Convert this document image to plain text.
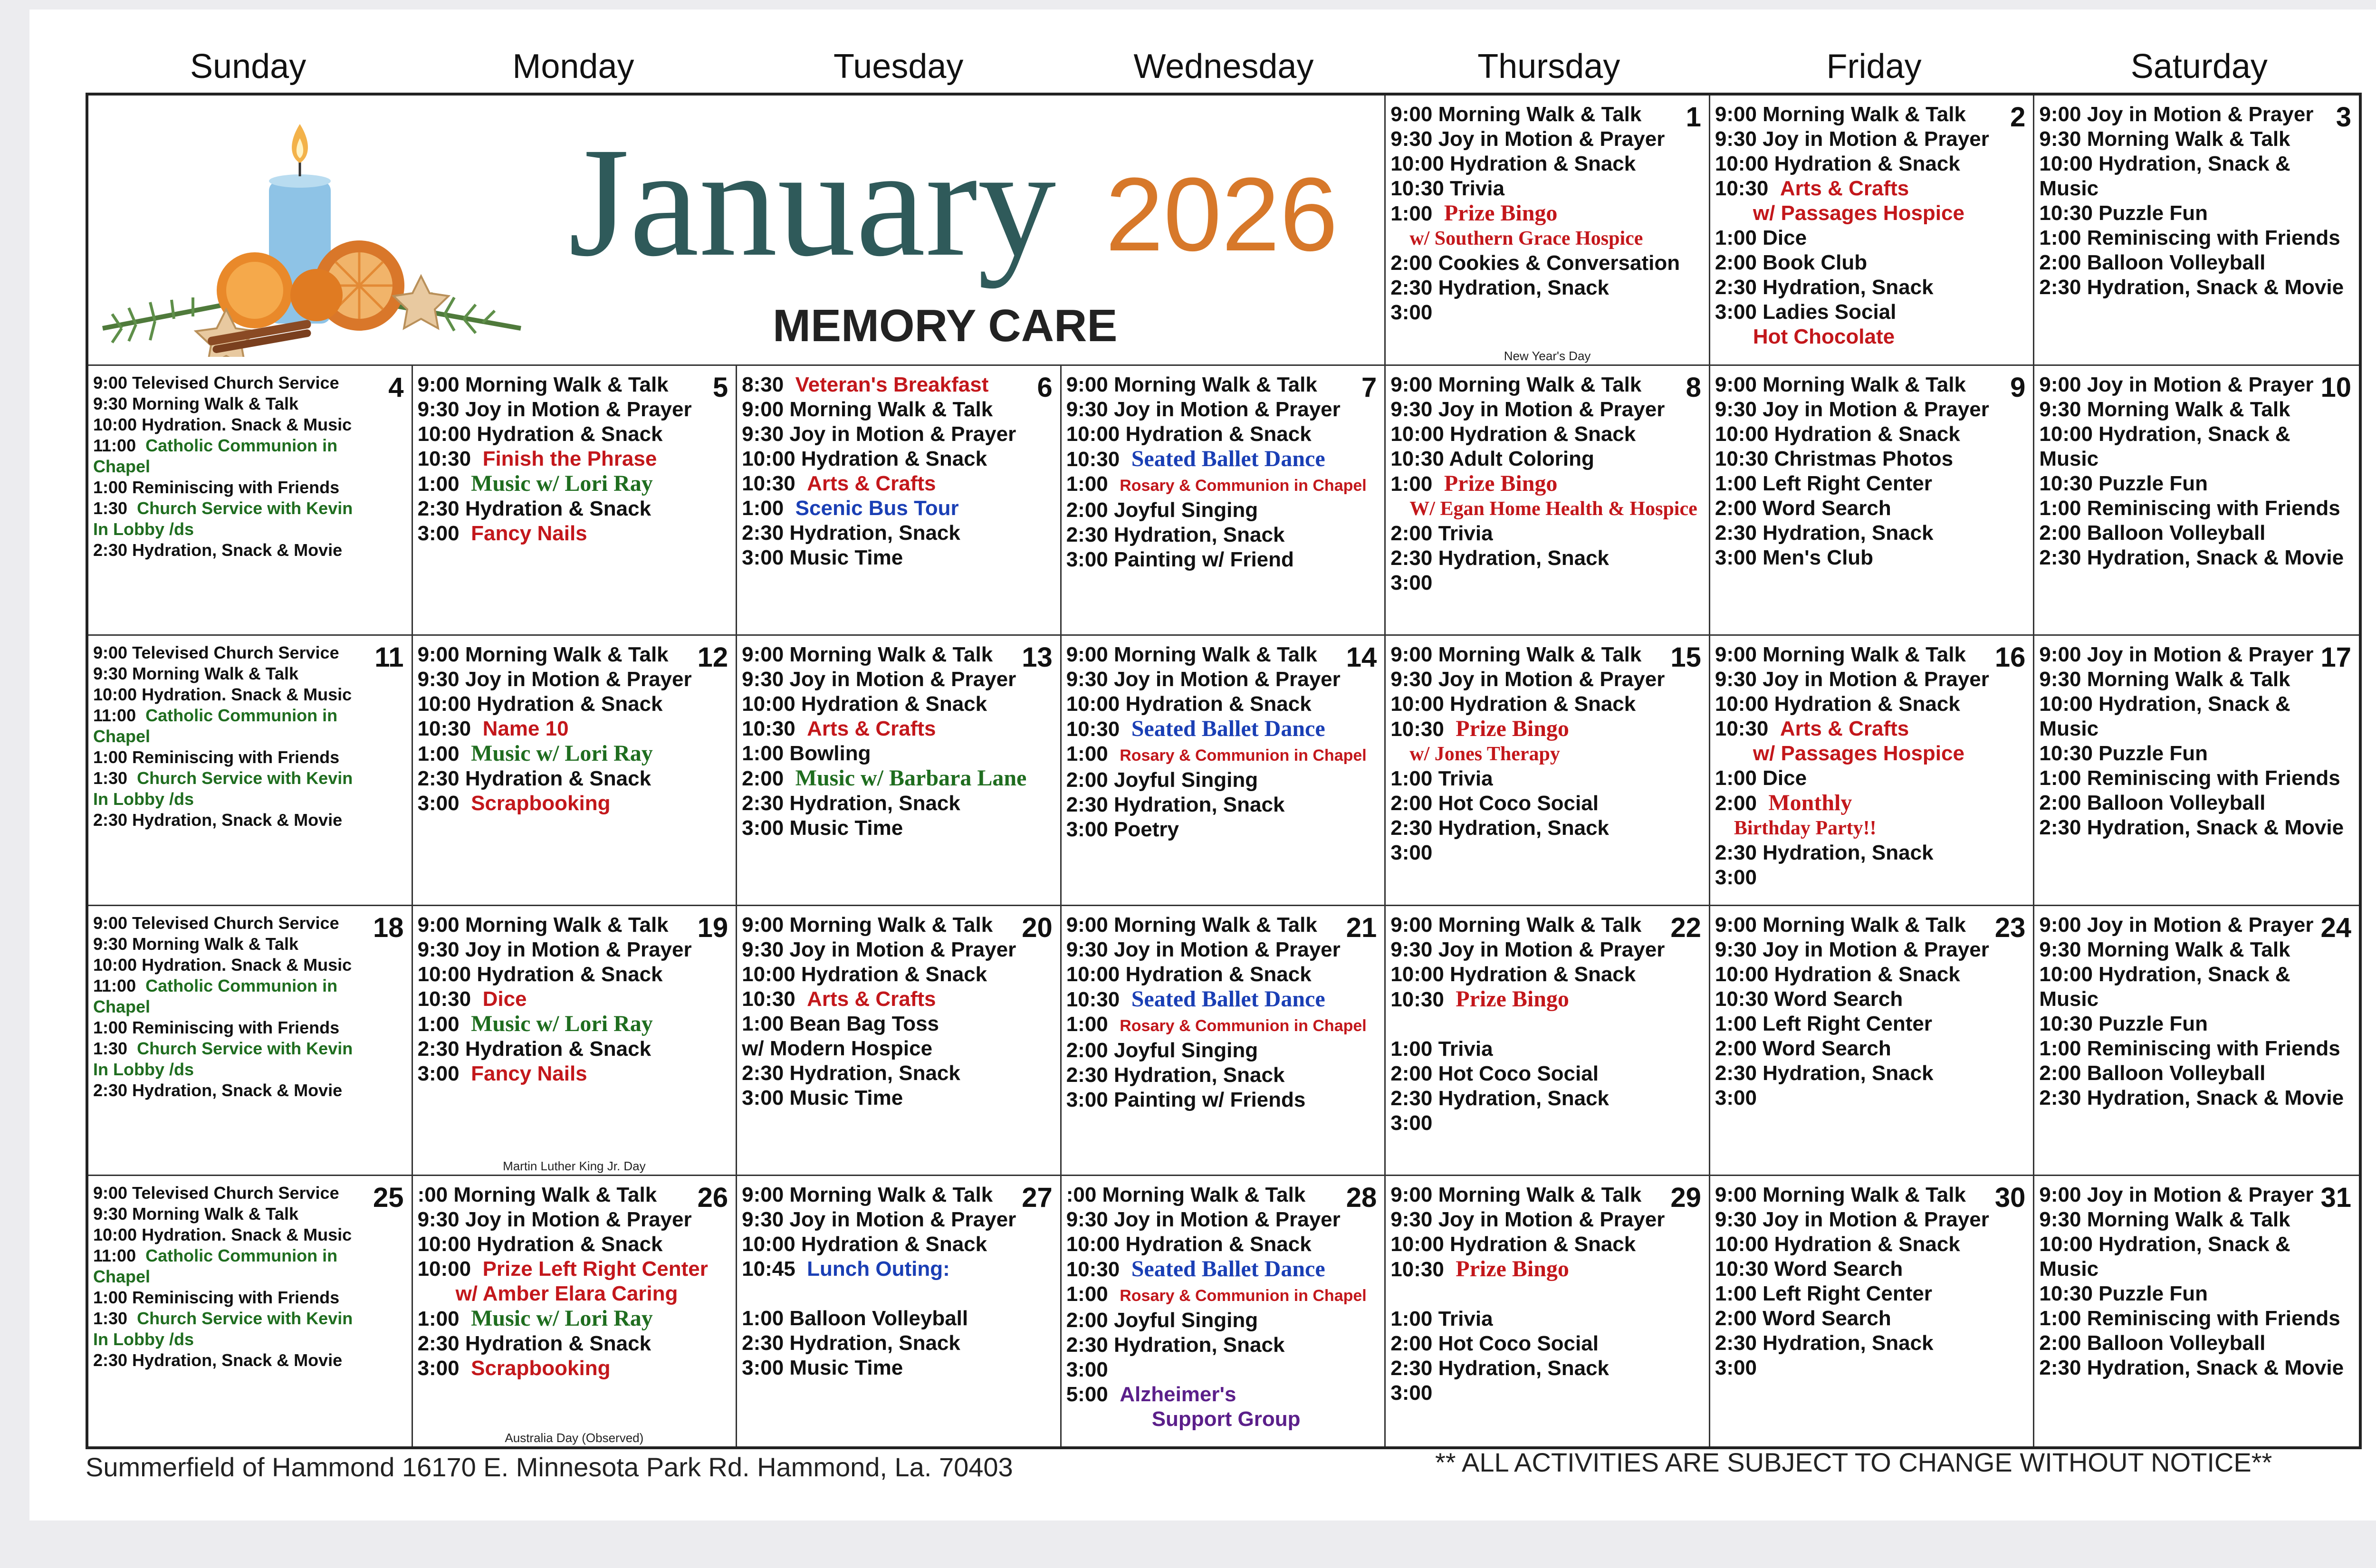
Sunday	Monday	Tuesday	Wednesday	Thursday	Friday	Saturday
January 2026
MEMORY CARE
1
9:00 Morning Walk & Talk
9:30 Joy in Motion & Prayer
10:00 Hydration & Snack
10:30 Trivia
1:00 Prize Bingo
w/ Southern Grace Hospice
2:00 Cookies & Conversation
2:30 Hydration, Snack
3:00
New Year's Day
2
9:00 Morning Walk & Talk
9:30 Joy in Motion & Prayer
10:00 Hydration & Snack
10:30 Arts & Crafts
w/ Passages Hospice
1:00 Dice
2:00 Book Club
2:30 Hydration, Snack
3:00 Ladies Social
Hot Chocolate
3
9:00 Joy in Motion & Prayer
9:30 Morning Walk & Talk
10:00 Hydration, Snack &
Music
10:30 Puzzle Fun
1:00 Reminiscing with Friends
2:00 Balloon Volleyball
2:30 Hydration, Snack & Movie
4
9:00 Televised Church Service
9:30 Morning Walk & Talk
10:00 Hydration. Snack & Music
11:00 Catholic Communion in
Chapel
1:00 Reminiscing with Friends
1:30 Church Service with Kevin
In Lobby /ds
2:30 Hydration, Snack & Movie
5
9:00 Morning Walk & Talk
9:30 Joy in Motion & Prayer
10:00 Hydration & Snack
10:30 Finish the Phrase
1:00 Music w/ Lori Ray
2:30 Hydration & Snack
3:00 Fancy Nails
6
8:30 Veteran's Breakfast
9:00 Morning Walk & Talk
9:30 Joy in Motion & Prayer
10:00 Hydration & Snack
10:30 Arts & Crafts
1:00 Scenic Bus Tour
2:30 Hydration, Snack
3:00 Music Time
7
9:00 Morning Walk & Talk
9:30 Joy in Motion & Prayer
10:00 Hydration & Snack
10:30 Seated Ballet Dance
1:00 Rosary & Communion in Chapel
2:00 Joyful Singing
2:30 Hydration, Snack
3:00 Painting w/ Friend
8
9:00 Morning Walk & Talk
9:30 Joy in Motion & Prayer
10:00 Hydration & Snack
10:30 Adult Coloring
1:00 Prize Bingo
W/ Egan Home Health & Hospice
2:00 Trivia
2:30 Hydration, Snack
3:00
9
9:00 Morning Walk & Talk
9:30 Joy in Motion & Prayer
10:00 Hydration & Snack
10:30 Christmas Photos
1:00 Left Right Center
2:00 Word Search
2:30 Hydration, Snack
3:00 Men's Club
10
9:00 Joy in Motion & Prayer
9:30 Morning Walk & Talk
10:00 Hydration, Snack &
Music
10:30 Puzzle Fun
1:00 Reminiscing with Friends
2:00 Balloon Volleyball
2:30 Hydration, Snack & Movie
11
9:00 Televised Church Service
9:30 Morning Walk & Talk
10:00 Hydration. Snack & Music
11:00 Catholic Communion in
Chapel
1:00 Reminiscing with Friends
1:30 Church Service with Kevin
In Lobby /ds
2:30 Hydration, Snack & Movie
12
9:00 Morning Walk & Talk
9:30 Joy in Motion & Prayer
10:00 Hydration & Snack
10:30 Name 10
1:00 Music w/ Lori Ray
2:30 Hydration & Snack
3:00 Scrapbooking
13
9:00 Morning Walk & Talk
9:30 Joy in Motion & Prayer
10:00 Hydration & Snack
10:30 Arts & Crafts
1:00 Bowling
2:00 Music w/ Barbara Lane
2:30 Hydration, Snack
3:00 Music Time
14
9:00 Morning Walk & Talk
9:30 Joy in Motion & Prayer
10:00 Hydration & Snack
10:30 Seated Ballet Dance
1:00 Rosary & Communion in Chapel
2:00 Joyful Singing
2:30 Hydration, Snack
3:00 Poetry
15
9:00 Morning Walk & Talk
9:30 Joy in Motion & Prayer
10:00 Hydration & Snack
10:30 Prize Bingo
w/ Jones Therapy
1:00 Trivia
2:00 Hot Coco Social
2:30 Hydration, Snack
3:00
16
9:00 Morning Walk & Talk
9:30 Joy in Motion & Prayer
10:00 Hydration & Snack
10:30 Arts & Crafts
w/ Passages Hospice
1:00 Dice
2:00 Monthly
Birthday Party!!
2:30 Hydration, Snack
3:00
17
9:00 Joy in Motion & Prayer
9:30 Morning Walk & Talk
10:00 Hydration, Snack &
Music
10:30 Puzzle Fun
1:00 Reminiscing with Friends
2:00 Balloon Volleyball
2:30 Hydration, Snack & Movie
18
9:00 Televised Church Service
9:30 Morning Walk & Talk
10:00 Hydration. Snack & Music
11:00 Catholic Communion in
Chapel
1:00 Reminiscing with Friends
1:30 Church Service with Kevin
In Lobby /ds
2:30 Hydration, Snack & Movie
19
9:00 Morning Walk & Talk
9:30 Joy in Motion & Prayer
10:00 Hydration & Snack
10:30 Dice
1:00 Music w/ Lori Ray
2:30 Hydration & Snack
3:00 Fancy Nails
Martin Luther King Jr. Day
20
9:00 Morning Walk & Talk
9:30 Joy in Motion & Prayer
10:00 Hydration & Snack
10:30 Arts & Crafts
1:00 Bean Bag Toss
w/ Modern Hospice
2:30 Hydration, Snack
3:00 Music Time
21
9:00 Morning Walk & Talk
9:30 Joy in Motion & Prayer
10:00 Hydration & Snack
10:30 Seated Ballet Dance
1:00 Rosary & Communion in Chapel
2:00 Joyful Singing
2:30 Hydration, Snack
3:00 Painting w/ Friends
22
9:00 Morning Walk & Talk
9:30 Joy in Motion & Prayer
10:00 Hydration & Snack
10:30 Prize Bingo
1:00 Trivia
2:00 Hot Coco Social
2:30 Hydration, Snack
3:00
23
9:00 Morning Walk & Talk
9:30 Joy in Motion & Prayer
10:00 Hydration & Snack
10:30 Word Search
1:00 Left Right Center
2:00 Word Search
2:30 Hydration, Snack
3:00
24
9:00 Joy in Motion & Prayer
9:30 Morning Walk & Talk
10:00 Hydration, Snack &
Music
10:30 Puzzle Fun
1:00 Reminiscing with Friends
2:00 Balloon Volleyball
2:30 Hydration, Snack & Movie
25
9:00 Televised Church Service
9:30 Morning Walk & Talk
10:00 Hydration. Snack & Music
11:00 Catholic Communion in
Chapel
1:00 Reminiscing with Friends
1:30 Church Service with Kevin
In Lobby /ds
2:30 Hydration, Snack & Movie
26
:00 Morning Walk & Talk
9:30 Joy in Motion & Prayer
10:00 Hydration & Snack
10:00 Prize Left Right Center
w/ Amber Elara Caring
1:00 Music w/ Lori Ray
2:30 Hydration & Snack
3:00 Scrapbooking
Australia Day (Observed)
27
9:00 Morning Walk & Talk
9:30 Joy in Motion & Prayer
10:00 Hydration & Snack
10:45 Lunch Outing:
1:00 Balloon Volleyball
2:30 Hydration, Snack
3:00 Music Time
28
:00 Morning Walk & Talk
9:30 Joy in Motion & Prayer
10:00 Hydration & Snack
10:30 Seated Ballet Dance
1:00 Rosary & Communion in Chapel
2:00 Joyful Singing
2:30 Hydration, Snack
3:00
5:00 Alzheimer's
Support Group
29
9:00 Morning Walk & Talk
9:30 Joy in Motion & Prayer
10:00 Hydration & Snack
10:30 Prize Bingo
1:00 Trivia
2:00 Hot Coco Social
2:30 Hydration, Snack
3:00
30
9:00 Morning Walk & Talk
9:30 Joy in Motion & Prayer
10:00 Hydration & Snack
10:30 Word Search
1:00 Left Right Center
2:00 Word Search
2:30 Hydration, Snack
3:00
31
9:00 Joy in Motion & Prayer
9:30 Morning Walk & Talk
10:00 Hydration, Snack &
Music
10:30 Puzzle Fun
1:00 Reminiscing with Friends
2:00 Balloon Volleyball
2:30 Hydration, Snack & Movie
Summerfield of Hammond 16170 E. Minnesota Park Rd. Hammond, La. 70403	** ALL ACTIVITIES ARE SUBJECT TO CHANGE WITHOUT NOTICE**
